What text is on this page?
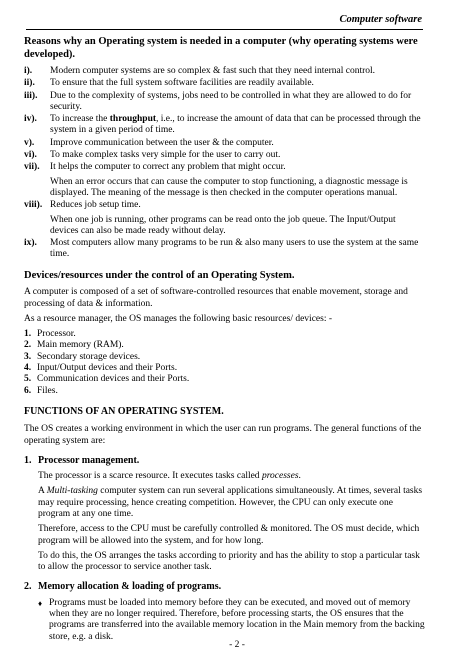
Computer software
Reasons why an Operating system is needed in a computer (why operating systems were developed).
i).	Modern computer systems are so complex & fast such that they need internal control.
ii).	To ensure that the full system software facilities are readily available.
iii).	Due to the complexity of systems, jobs need to be controlled in what they are allowed to do for security.
iv).	To increase the throughput, i.e., to increase the amount of data that can be processed through the system in a given period of time.
v).	Improve communication between the user & the computer.
vi).	To make complex tasks very simple for the user to carry out.
vii).	It helps the computer to correct any problem that might occur.
When an error occurs that can cause the computer to stop functioning, a diagnostic message is displayed. The meaning of the message is then checked in the computer operations manual.
viii). Reduces job setup time.
When one job is running, other programs can be read onto the job queue. The Input/Output devices can also be made ready without delay.
ix).	Most computers allow many programs to be run & also many users to use the system at the same time.
Devices/resources under the control of an Operating System.

A computer is composed of a set of software-controlled resources that enable movement, storage and processing of data & information.

As a resource manager, the OS manages the following basic resources/ devices: -

1. Processor.
2. Main memory (RAM).
3. Secondary storage devices.
4. Input/Output devices and their Ports.
5. Communication devices and their Ports.
6. Files.
FUNCTIONS OF AN OPERATING SYSTEM.

The OS creates a working environment in which the user can run programs. The general functions of the operating system are:

1. Processor management.

The processor is a scarce resource. It executes tasks called processes.

A Multi-tasking computer system can run several applications simultaneously. At times, several tasks may require processing, hence creating competition. However, the CPU can only execute one program at any one time.

Therefore, access to the CPU must be carefully controlled & monitored. The OS must decide, which program will be allowed into the system, and for how long.

To do this, the OS arranges the tasks according to priority and has the ability to stop a particular task to allow the processor to service another task.

2. Memory allocation & loading of programs.
♦ Programs must be loaded into memory before they can be executed, and moved out of memory when they are no longer required. Therefore, before processing starts, the OS ensures that the programs are transferred into the available memory location in the Main memory from the backing store, e.g. a disk.
- 2 -
